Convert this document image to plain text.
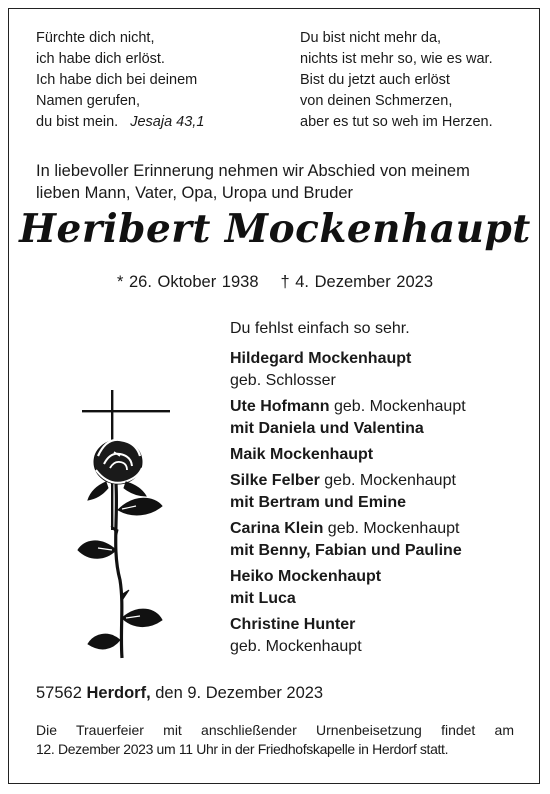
Fürchte dich nicht,
ich habe dich erlöst.
Ich habe dich bei deinem
Namen gerufen,
du bist mein. Jesaja 43,1
Du bist nicht mehr da,
nichts ist mehr so, wie es war.
Bist du jetzt auch erlöst
von deinen Schmerzen,
aber es tut so weh im Herzen.
In liebevoller Erinnerung nehmen wir Abschied von meinem
lieben Mann, Vater, Opa, Uropa und Bruder
Heribert Mockenhaupt
* 26. Oktober 1938 † 4. Dezember 2023
Du fehlst einfach so sehr.
Hildegard Mockenhaupt
geb. Schlosser
Ute Hofmann geb. Mockenhaupt
mit Daniela und Valentina
Maik Mockenhaupt
Silke Felber geb. Mockenhaupt
mit Bertram und Emine
Carina Klein geb. Mockenhaupt
mit Benny, Fabian und Pauline
Heiko Mockenhaupt
mit Luca
Christine Hunter
geb. Mockenhaupt
57562 Herdorf, den 9. Dezember 2023
Die Trauerfeier mit anschließender Urnenbeisetzung findet am
12. Dezember 2023 um 11 Uhr in der Friedhofskapelle in Herdorf statt.
